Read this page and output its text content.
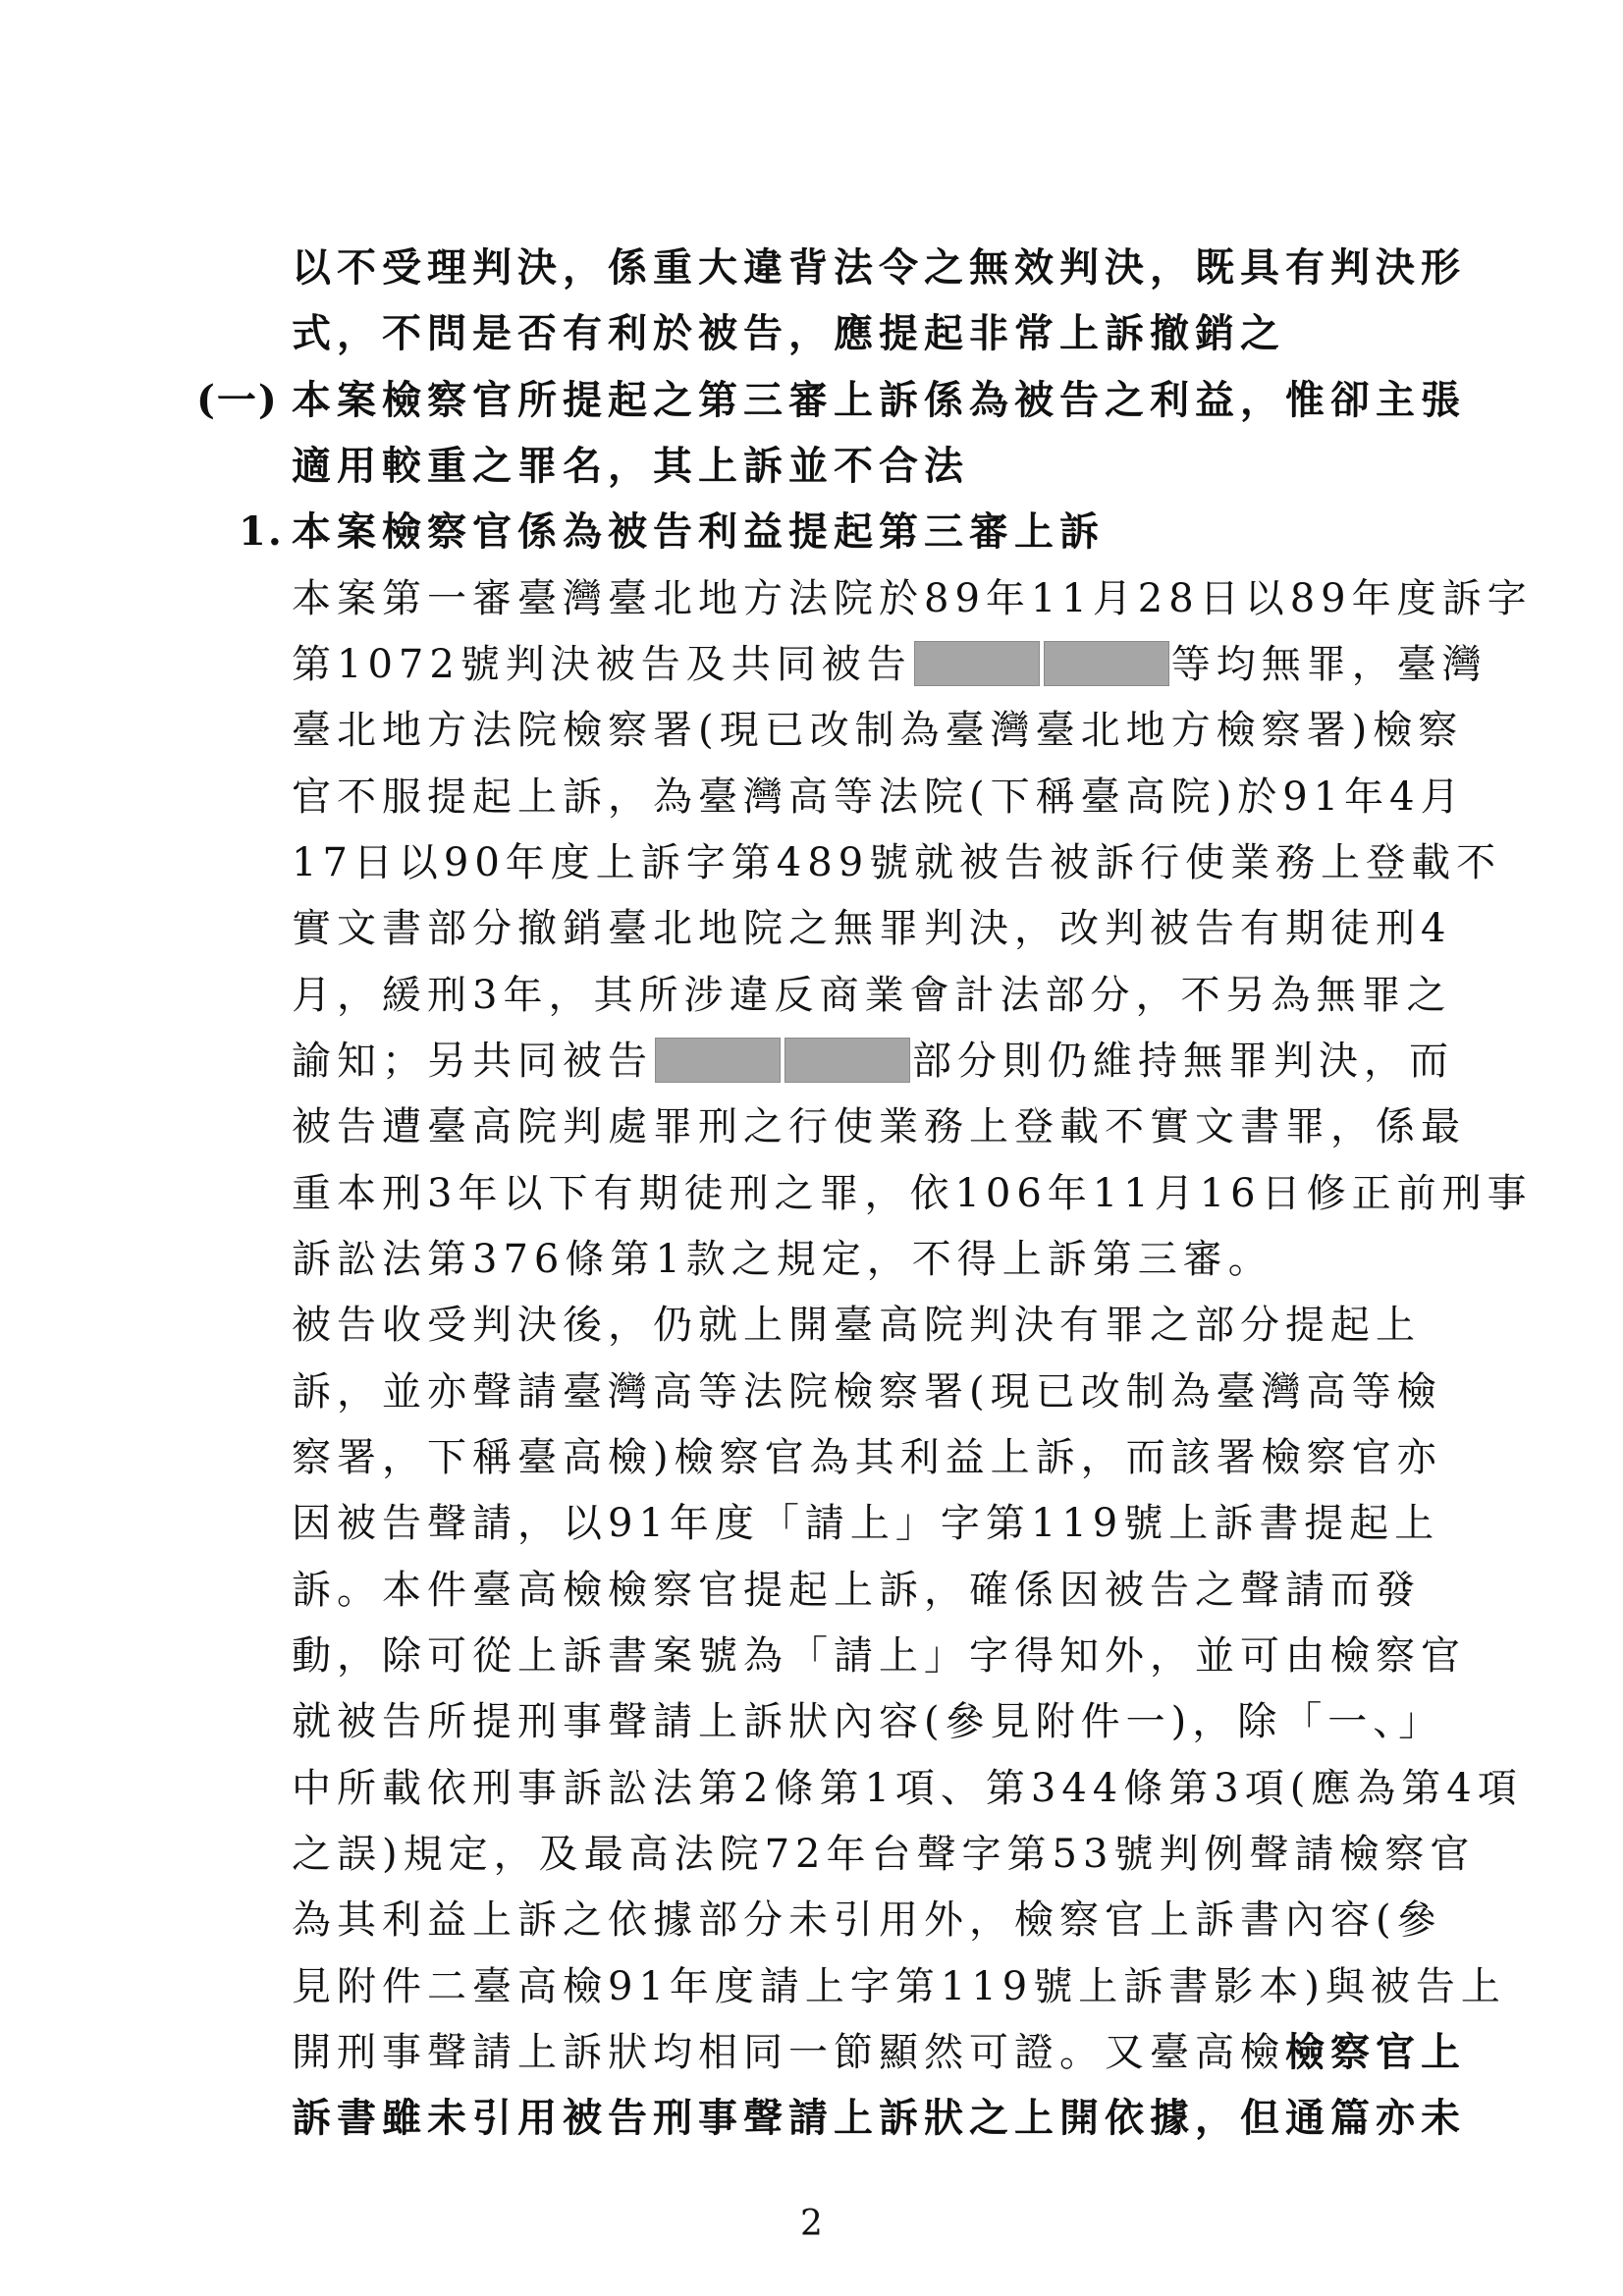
以不受理判決，係重大違背法令之無效判決，既具有判決形
式，不問是否有利於被告，應提起非常上訴撤銷之
(一) 本案檢察官所提起之第三審上訴係為被告之利益，惟卻主張
適用較重之罪名，其上訴並不合法
1. 本案檢察官係為被告利益提起第三審上訴
本案第一審臺灣臺北地方法院於89年11月28日以89年度訴字
第1072號判決被告及共同被告	等均無罪，臺灣
臺北地方法院檢察署(現已改制為臺灣臺北地方檢察署)檢察
官不服提起上訴，為臺灣高等法院(下稱臺高院)於91年4月
17日以90年度上訴字第489號就被告被訴行使業務上登載不
實文書部分撤銷臺北地院之無罪判決，改判被告有期徒刑4
月，緩刑3年，其所涉違反商業會計法部分，不另為無罪之
諭知；另共同被告	部分則仍維持無罪判決，而
被告遭臺高院判處罪刑之行使業務上登載不實文書罪，係最
重本刑3年以下有期徒刑之罪，依106年11月16日修正前刑事
訴訟法第376條第1款之規定，不得上訴第三審。
被告收受判決後，仍就上開臺高院判決有罪之部分提起上
訴，並亦聲請臺灣高等法院檢察署(現已改制為臺灣高等檢
察署，下稱臺高檢)檢察官為其利益上訴，而該署檢察官亦
因被告聲請，以91年度「請上」字第119號上訴書提起上
訴。本件臺高檢檢察官提起上訴，確係因被告之聲請而發
動，除可從上訴書案號為「請上」字得知外，並可由檢察官
就被告所提刑事聲請上訴狀內容(參見附件一)，除「一、」
中所載依刑事訴訟法第2條第1項、第344條第3項(應為第4項
之誤)規定，及最高法院72年台聲字第53號判例聲請檢察官
為其利益上訴之依據部分未引用外，檢察官上訴書內容(參
見附件二臺高檢91年度請上字第119號上訴書影本)與被告上
開刑事聲請上訴狀均相同一節顯然可證。又臺高檢檢察官上
訴書雖未引用被告刑事聲請上訴狀之上開依據，但通篇亦未
2
